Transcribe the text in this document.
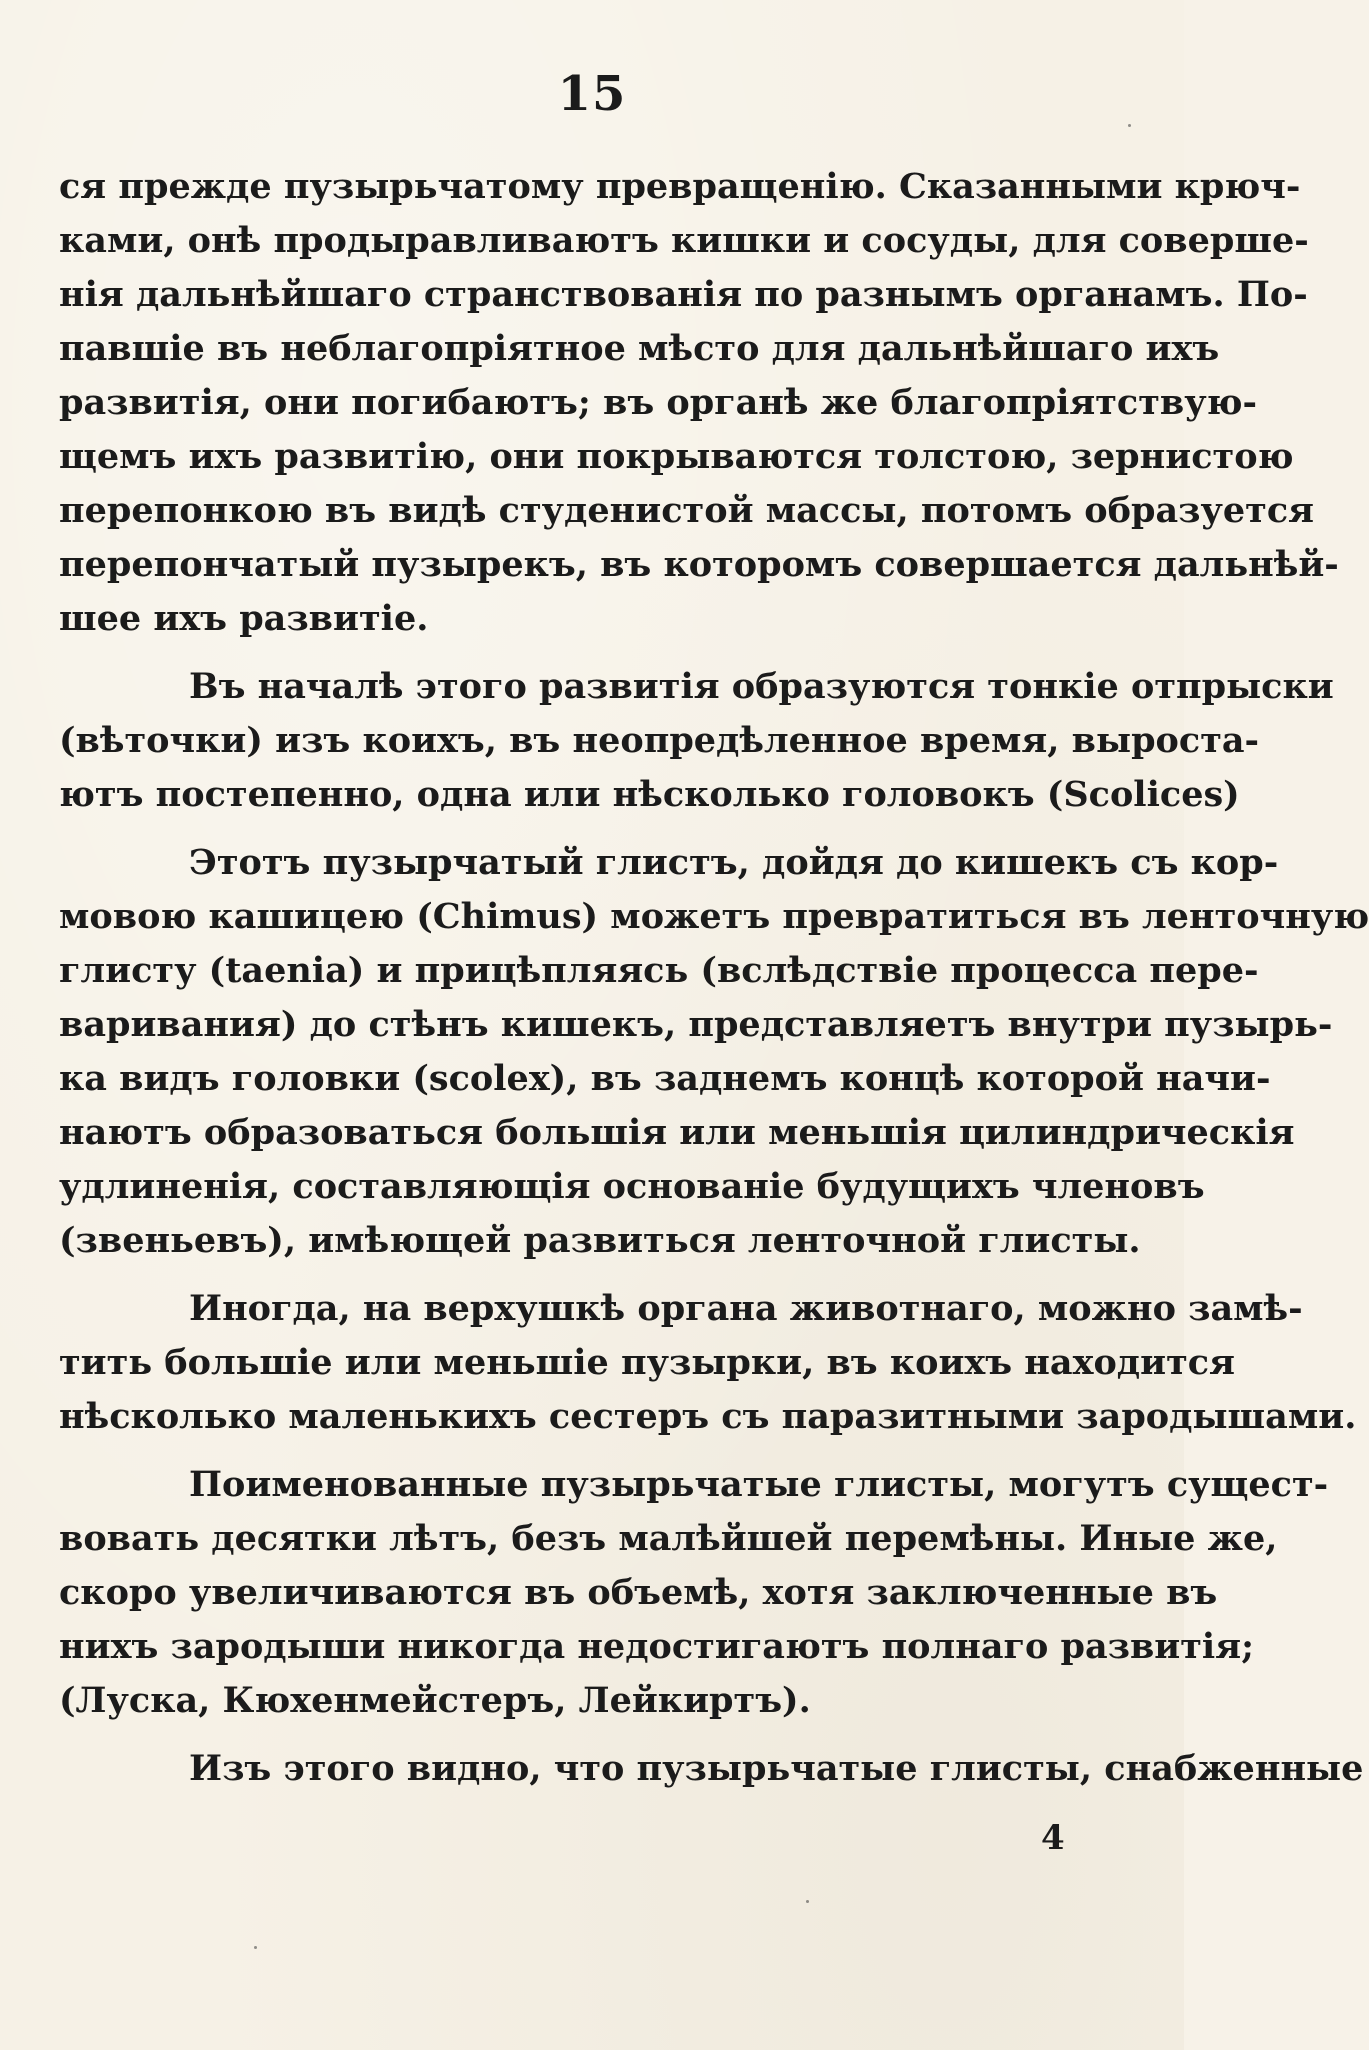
15
ся прежде пузырьчатому превращенiю. Сказанными крюч-
ками, онѣ продыравливаютъ кишки и сосуды, для соверше-
нiя дальнѣйшаго странствованiя по разнымъ органамъ. По-
павшiе въ неблагопрiятное мѣсто для дальнѣйшаго ихъ
развитiя, они погибаютъ; въ органѣ же благопрiятствую-
щемъ ихъ развитiю, они покрываются толстою, зернистою
перепонкою въ видѣ студенистой массы, потомъ образуется
перепончатый пузырекъ, въ которомъ совершается дальнѣй-
шее ихъ развитiе.
Въ началѣ этого развитiя образуются тонкiе отпрыски
(вѣточки) изъ коихъ, въ неопредѣленное время, выроста-
ютъ постепенно, одна или нѣсколько головокъ (Scolices)
Этотъ пузырчатый глистъ, дойдя до кишекъ съ кор-
мовою кашицею (Chimus) можетъ превратиться въ ленточную
глисту (taenia) и прицѣпляясь (вслѣдствiе процесса пере-
варивания) до стѣнъ кишекъ, представляетъ внутри пузырь-
ка видъ головки (scolex), въ заднемъ концѣ которой начи-
наютъ образоваться большiя или меньшiя цилиндрическiя
удлиненiя, составляющiя основанiе будущихъ членовъ
(звеньевъ), имѣющей развиться ленточной глисты.
Иногда, на верхушкѣ органа животнаго, можно замѣ-
тить большiе или меньшiе пузырки, въ коихъ находится
нѣсколько маленькихъ сестеръ съ паразитными зародышами.
Поименованные пузырьчатые глисты, могутъ сущест-
вовать десятки лѣтъ, безъ малѣйшей перемѣны. Иные же,
скоро увеличиваются въ объемѣ, хотя заключенные въ
нихъ зародыши никогда недостигаютъ полнаго развитiя;
(Луска, Кюхенмейстеръ, Лейкиртъ).
Изъ этого видно, что пузырьчатые глисты, снабженные
4
